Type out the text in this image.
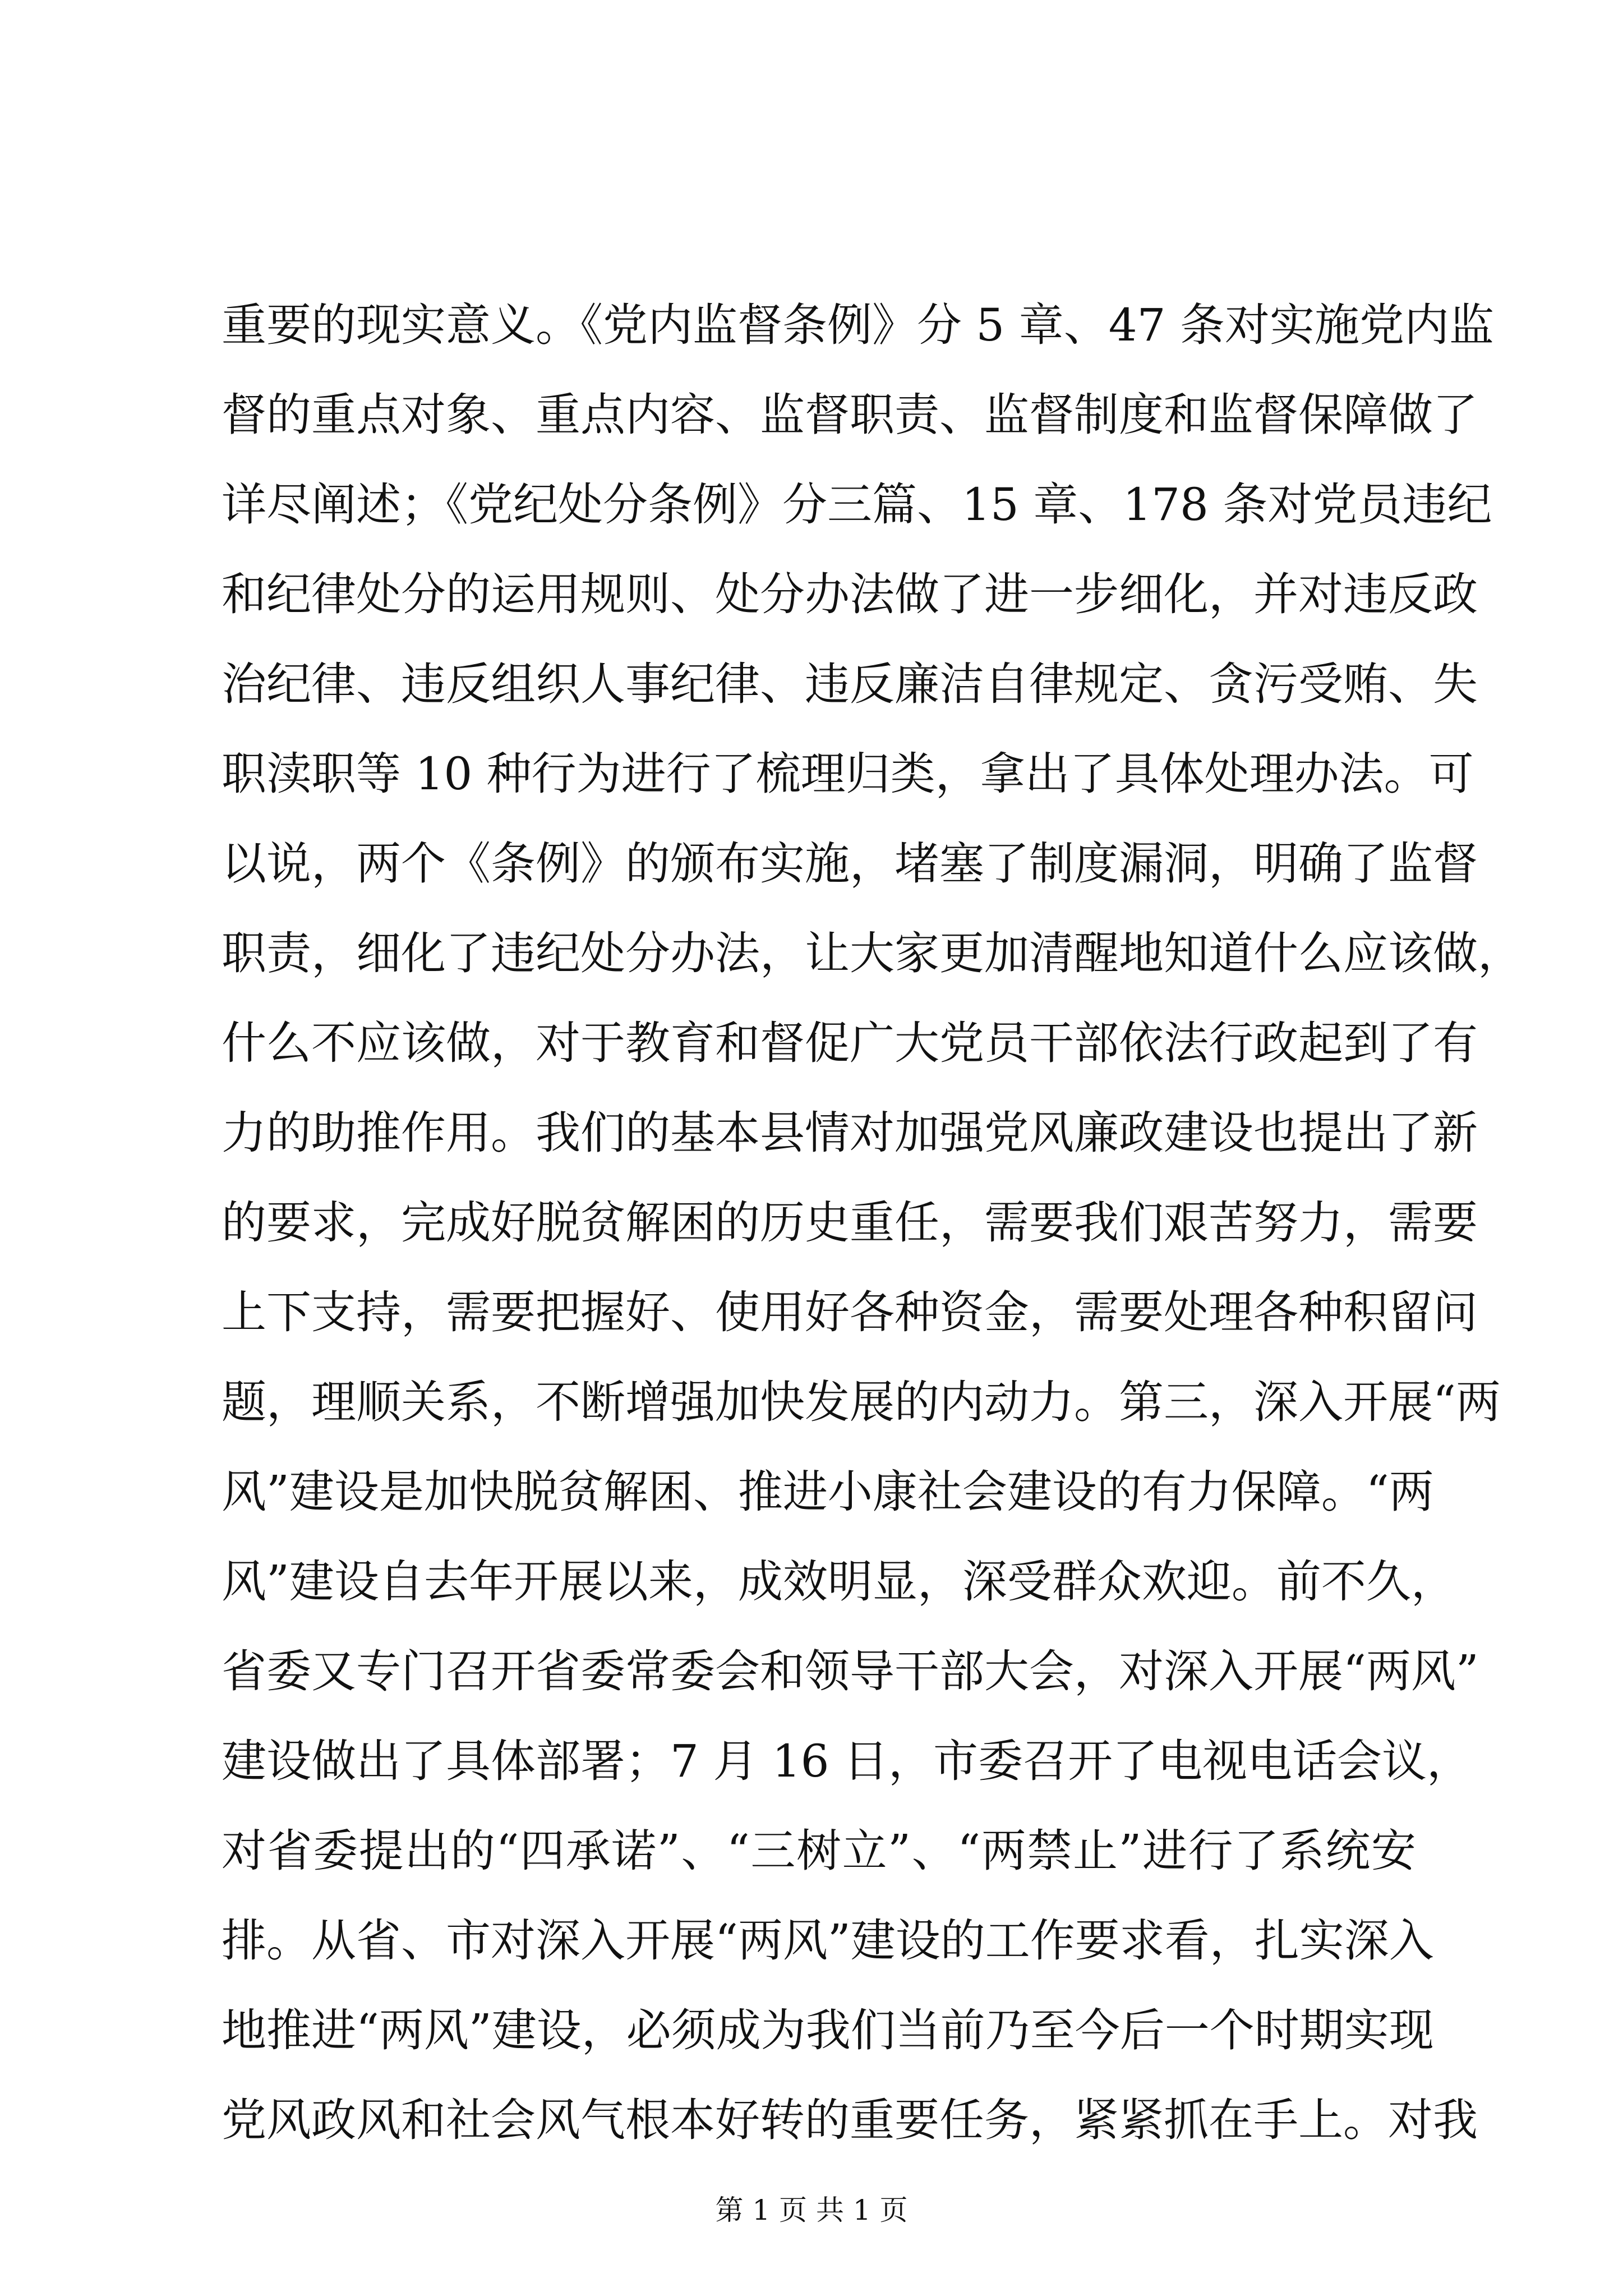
重要的现实意义。《党内监督条例》分 5 章、47 条对实施党内监
督的重点对象、重点内容、监督职责、监督制度和监督保障做了
详尽阐述；《党纪处分条例》分三篇、15 章、178 条对党员违纪
和纪律处分的运用规则、处分办法做了进一步细化，并对违反政
治纪律、违反组织人事纪律、违反廉洁自律规定、贪污受贿、失
职渎职等 10 种行为进行了梳理归类，拿出了具体处理办法。可
以说，两个《条例》的颁布实施，堵塞了制度漏洞，明确了监督
职责，细化了违纪处分办法，让大家更加清醒地知道什么应该做，
什么不应该做，对于教育和督促广大党员干部依法行政起到了有
力的助推作用。我们的基本县情对加强党风廉政建设也提出了新
的要求，完成好脱贫解困的历史重任，需要我们艰苦努力，需要
上下支持，需要把握好、使用好各种资金，需要处理各种积留问
题，理顺关系，不断增强加快发展的内动力。第三，深入开展“两
风”建设是加快脱贫解困、推进小康社会建设的有力保障。“两
风”建设自去年开展以来，成效明显，深受群众欢迎。前不久，
省委又专门召开省委常委会和领导干部大会，对深入开展“两风”
建设做出了具体部署；7 月 16 日，市委召开了电视电话会议，
对省委提出的“四承诺”、“三树立”、“两禁止”进行了系统安
排。从省、市对深入开展“两风”建设的工作要求看，扎实深入
地推进“两风”建设，必须成为我们当前乃至今后一个时期实现
党风政风和社会风气根本好转的重要任务，紧紧抓在手上。对我
第 1 页 共 1 页
